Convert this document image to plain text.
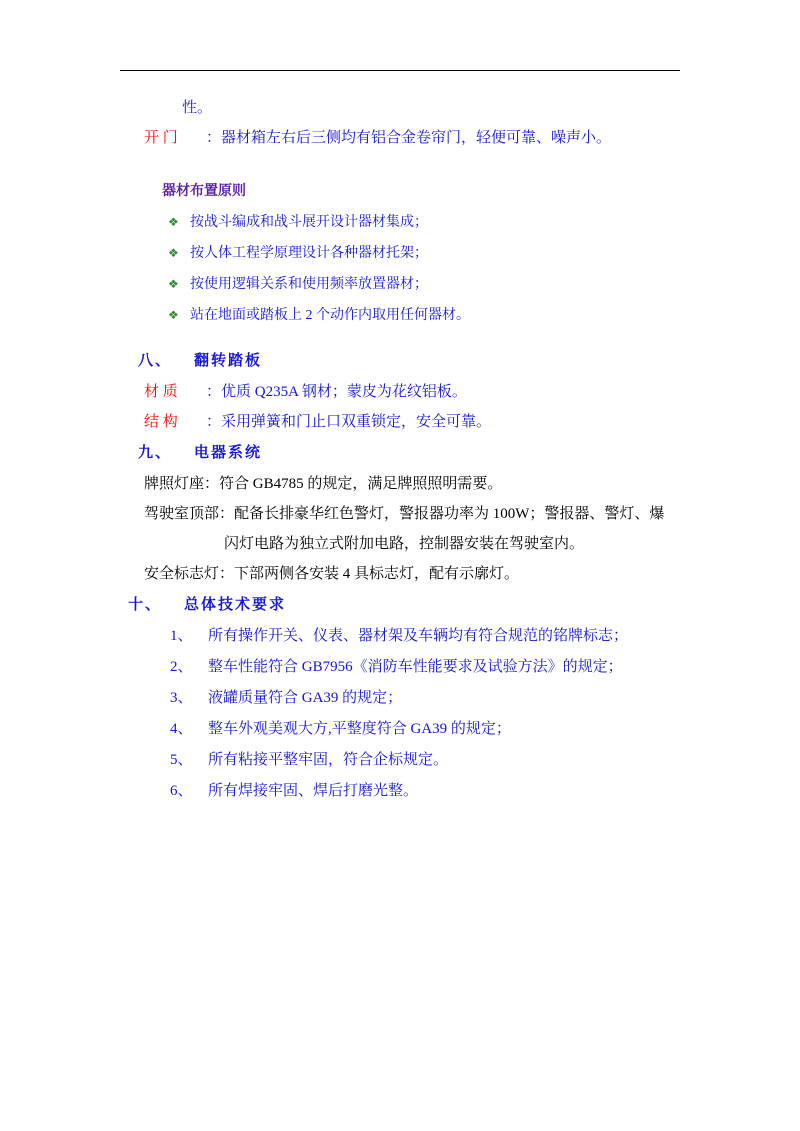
性。
开 门 ：器材箱左右后三侧均有铝合金卷帘门，轻便可靠、噪声小。
器材布置原则
❖ 按战斗编成和战斗展开设计器材集成；
❖ 按人体工程学原理设计各种器材托架；
❖ 按使用逻辑关系和使用频率放置器材；
❖ 站在地面或踏板上 2 个动作内取用任何器材。
八、 翻转踏板
材 质 ：优质 Q235A 钢材；蒙皮为花纹铝板。
结 构 ：采用弹簧和门止口双重锁定，安全可靠。
九、 电器系统
牌照灯座 ：符合 GB4785 的规定，满足牌照照明需要。
驾驶室顶部 ：配备长排豪华红色警灯，警报器功率为 100W；警报器、警灯、爆
闪灯电路为独立式附加电路，控制器安装在驾驶室内。
安全标志灯 ：下部两侧各安装 4 具标志灯，配有示廓灯。
十、 总体技术要求
1、	所有操作开关、仪表、器材架及车辆均有符合规范的铭牌标志；
2、	整车性能符合 GB7956《消防车性能要求及试验方法》的规定；
3、	液罐质量符合 GA39 的规定；
4、	整车外观美观大方,平整度符合 GA39 的规定；
5、	所有粘接平整牢固，符合企标规定。
6、	所有焊接牢固、焊后打磨光整。
